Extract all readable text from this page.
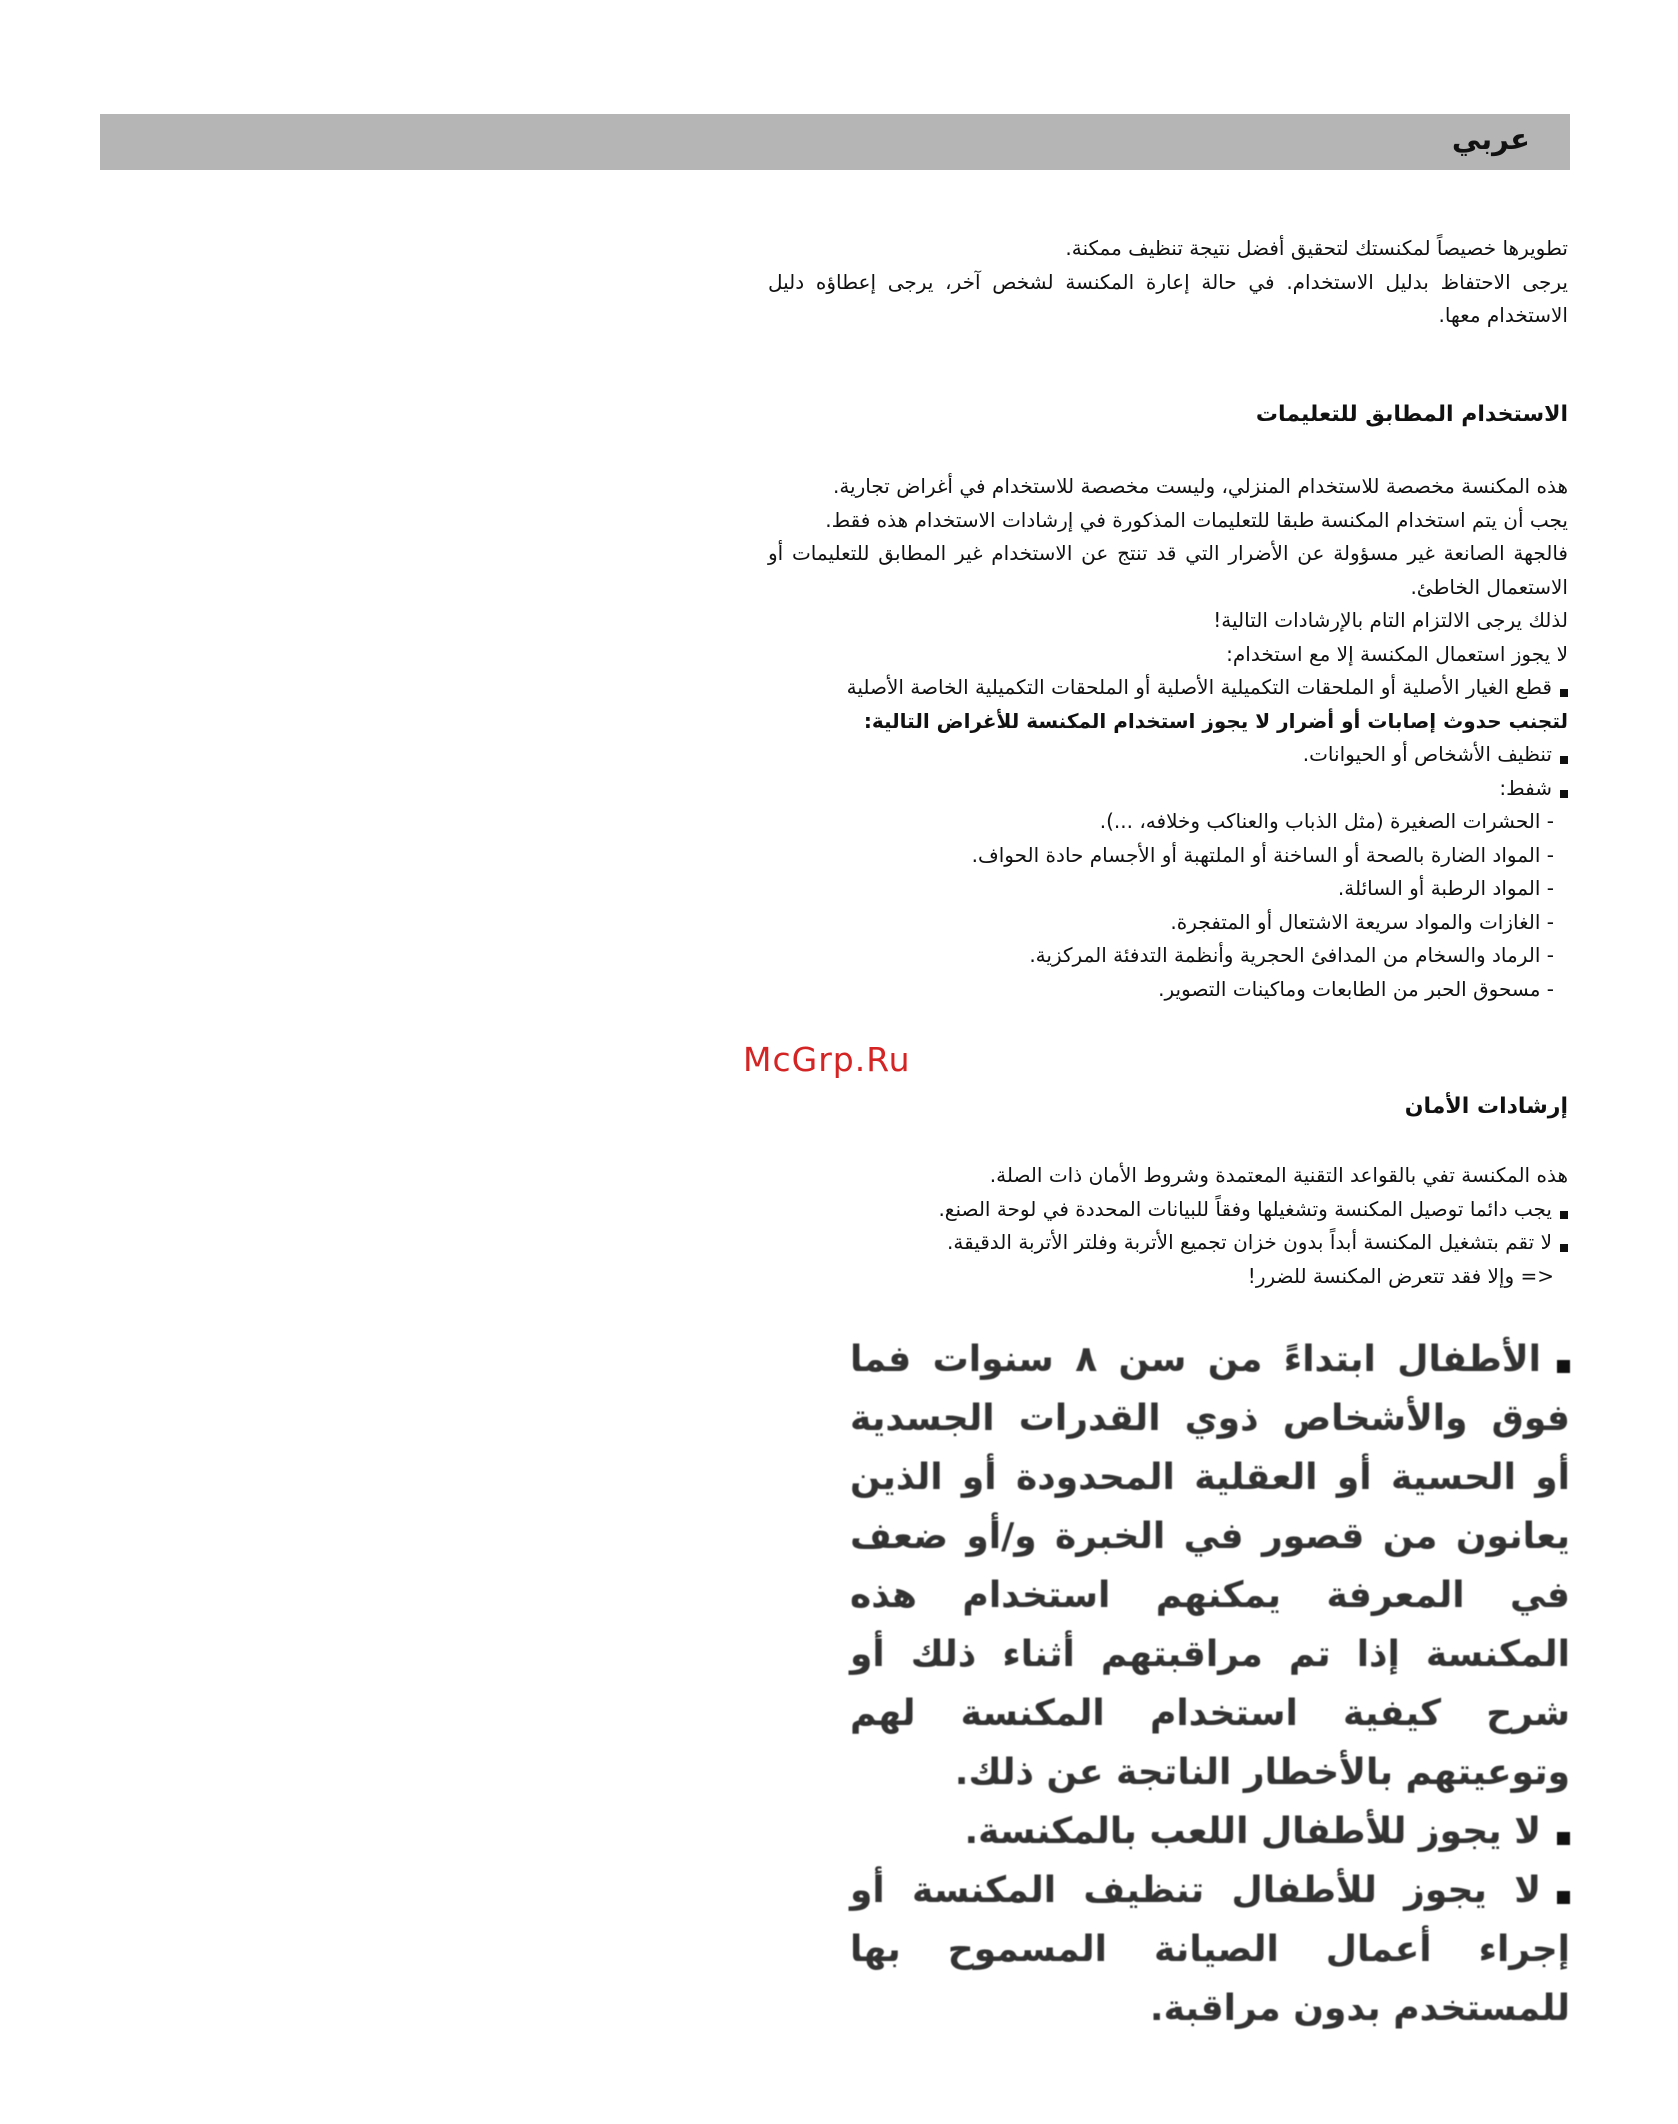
عربي

تطويرها خصيصاً لمكنستك لتحقيق أفضل نتيجة تنظيف ممكنة.

يرجى الاحتفاظ بدليل الاستخدام. في حالة إعارة المكنسة لشخص آخر، يرجى إعطاؤه دليل الاستخدام معها.

الاستخدام المطابق للتعليمات

هذه المكنسة مخصصة للاستخدام المنزلي، وليست مخصصة للاستخدام في أغراض تجارية.

يجب أن يتم استخدام المكنسة طبقا للتعليمات المذكورة في إرشادات الاستخدام هذه فقط.

فالجهة الصانعة غير مسؤولة عن الأضرار التي قد تنتج عن الاستخدام غير المطابق للتعليمات أو الاستعمال الخاطئ.

لذلك يرجى الالتزام التام بالإرشادات التالية!

لا يجوز استعمال المكنسة إلا مع استخدام:

قطع الغيار الأصلية أو الملحقات التكميلية الأصلية أو الملحقات التكميلية الخاصة الأصلية

لتجنب حدوث إصابات أو أضرار لا يجوز استخدام المكنسة للأغراض التالية:

تنظيف الأشخاص أو الحيوانات.

شفط:

- الحشرات الصغيرة (مثل الذباب والعناكب وخلافه، ...).

- المواد الضارة بالصحة أو الساخنة أو الملتهبة أو الأجسام حادة الحواف.

- المواد الرطبة أو السائلة.

- الغازات والمواد سريعة الاشتعال أو المتفجرة.

- الرماد والسخام من المدافئ الحجرية وأنظمة التدفئة المركزية.

- مسحوق الحبر من الطابعات وماكينات التصوير.

McGrp.Ru
إرشادات الأمان

هذه المكنسة تفي بالقواعد التقنية المعتمدة وشروط الأمان ذات الصلة.

يجب دائما توصيل المكنسة وتشغيلها وفقاً للبيانات المحددة في لوحة الصنع.

لا تقم بتشغيل المكنسة أبداً بدون خزان تجميع الأتربة وفلتر الأتربة الدقيقة.

<= وإلا فقد تتعرض المكنسة للضرر!

الأطفال ابتداءً من سن ٨ سنوات فما فوق والأشخاص ذوي القدرات الجسدية أو الحسية أو العقلية المحدودة أو الذين يعانون من قصور في الخبرة و/أو ضعف في المعرفة يمكنهم استخدام هذه المكنسة إذا تم مراقبتهم أثناء ذلك أو شرح كيفية استخدام المكنسة لهم وتوعيتهم بالأخطار الناتجة عن ذلك.

لا يجوز للأطفال اللعب بالمكنسة.

لا يجوز للأطفال تنظيف المكنسة أو إجراء أعمال الصيانة المسموح بها للمستخدم بدون مراقبة.
